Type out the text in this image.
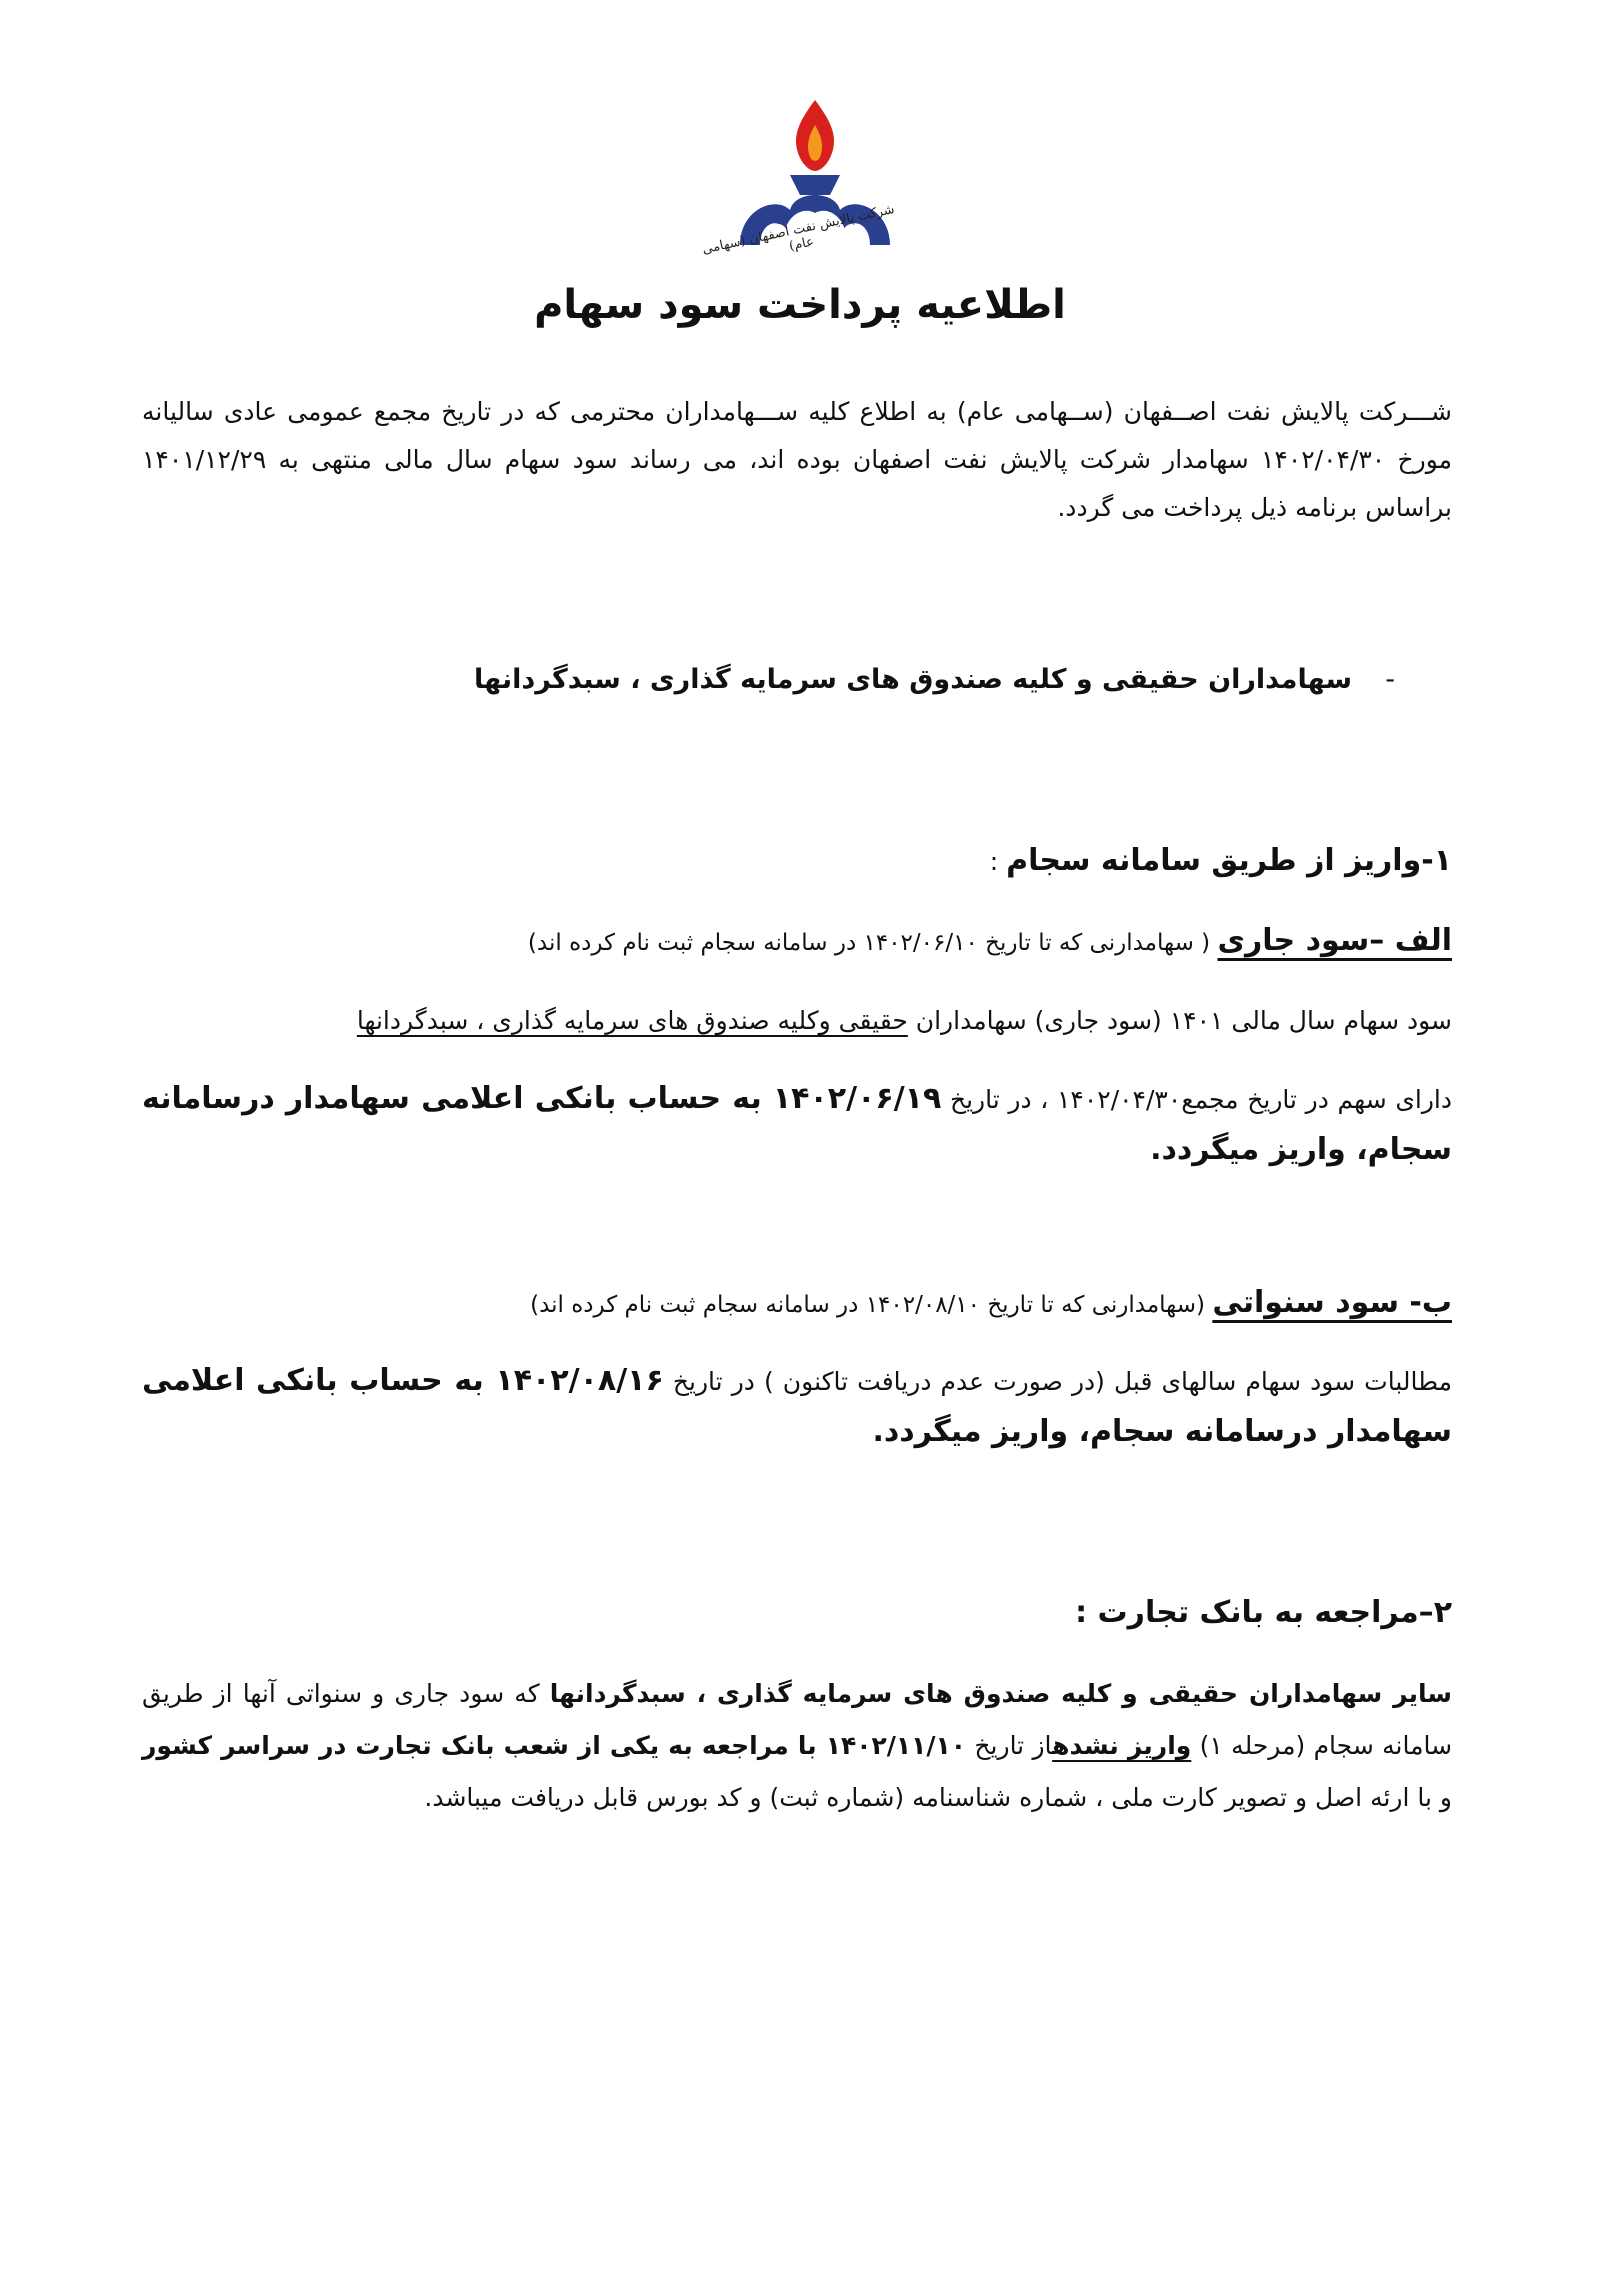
شرکت پالایش نفت اصفهان (سهامی عام)
اطلاعیه پرداخت سود سهام
شـــرکت پالایش نفت اصــفهان (ســهامی عام) به اطلاع کلیه ســـهامداران محترمی که در تاریخ مجمع عمومی عادی سالیانه مورخ ۱۴۰۲/۰۴/۳۰ سهامدار شرکت پالایش نفت اصفهان بوده اند، می رساند سود سهام سال مالی منتهی به ۱۴۰۱/۱۲/۲۹ براساس برنامه ذیل پرداخت می گردد.
-
سهامداران حقیقی و کلیه صندوق های سرمایه گذاری ، سبدگردانها
۱-واریز از طریق سامانه سجام :
الف –سود جاری ( سهامدارنی که تا تاریخ ۱۴۰۲/۰۶/۱۰ در سامانه سجام ثبت نام کرده اند)
سود سهام سال مالی ۱۴۰۱ (سود جاری) سهامداران حقیقی وکلیه صندوق های سرمایه گذاری ، سبدگردانها
دارای سهم در تاریخ مجمع۱۴۰۲/۰۴/۳۰ ، در تاریخ ۱۴۰۲/۰۶/۱۹ به حساب بانکی اعلامی سهامدار درسامانه سجام، واریز میگردد.
ب- سود سنواتی (سهامدارنی که تا تاریخ ۱۴۰۲/۰۸/۱۰ در سامانه سجام ثبت نام کرده اند)
مطالبات سود سهام سالهای قبل (در صورت عدم دریافت تاکنون ) در تاریخ ۱۴۰۲/۰۸/۱۶ به حساب بانکی اعلامی سهامدار درسامانه سجام، واریز میگردد.
۲–مراجعه به بانک تجارت :
سایر سهامداران حقیقی و کلیه صندوق های سرمایه گذاری ، سبدگردانها که سود جاری و سنواتی آنها از طریق سامانه سجام (مرحله ۱) واریز نشدهاز تاریخ ۱۴۰۲/۱۱/۱۰ با مراجعه به یکی از شعب بانک تجارت در سراسر کشور و با ارئه اصل و تصویر کارت ملی ، شماره شناسنامه (شماره ثبت) و کد بورس قابل دریافت میباشد.
